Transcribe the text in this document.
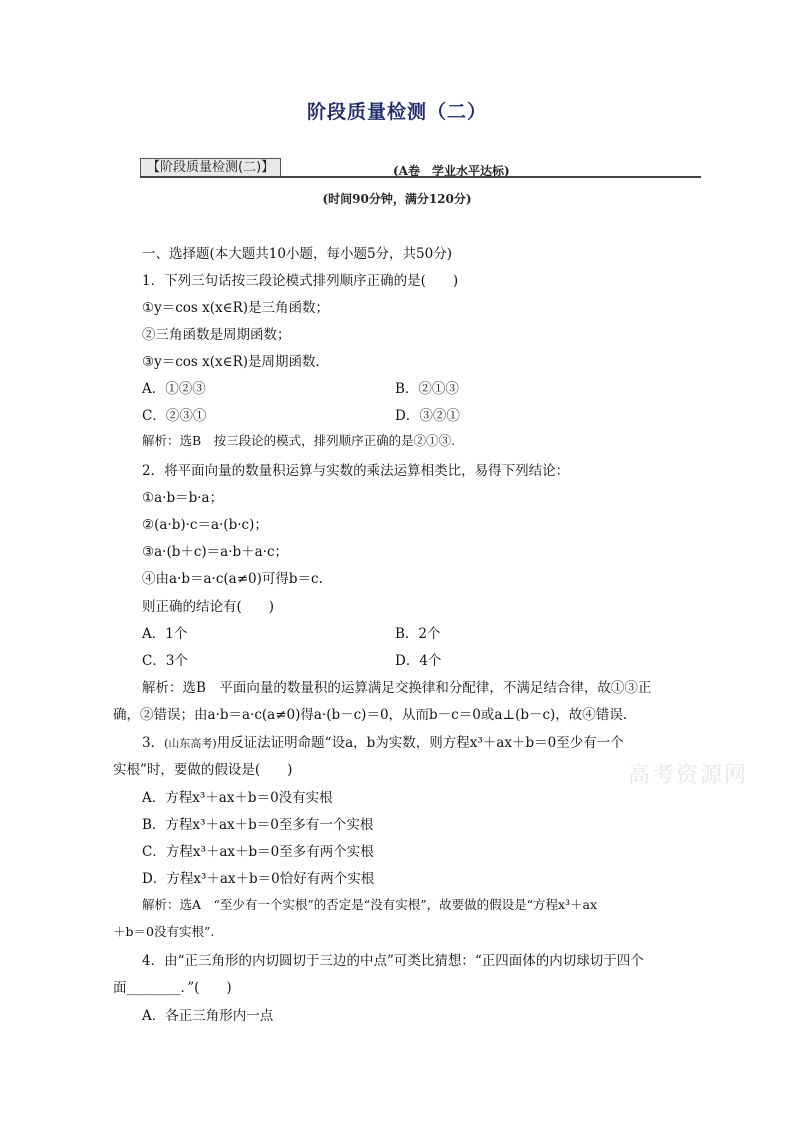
阶段质量检测（二）
【阶段质量检测(二)】	(A卷　学业水平达标)
(时间90分钟，满分120分)
一、选择题(本大题共10小题，每小题5分，共50分)
1．下列三句话按三段论模式排列顺序正确的是(　　)
①y＝cos x(x∈R)是三角函数；
②三角函数是周期函数；
③y＝cos x(x∈R)是周期函数．
A．①②③	B．②①③
C．②③①	D．③②①
解析：选B　按三段论的模式，排列顺序正确的是②①③.
2．将平面向量的数量积运算与实数的乘法运算相类比，易得下列结论：
①a·b＝b·a；
②(a·b)·c＝a·(b·c)；
③a·(b＋c)＝a·b＋a·c；
④由a·b＝a·c(a≠0)可得b＝c.
则正确的结论有(　　)
A．1个	B．2个
C．3个	D．4个
解析：选B　平面向量的数量积的运算满足交换律和分配律，不满足结合律，故①③正
确，②错误；由a·b＝a·c(a≠0)得a·(b－c)＝0，从而b－c＝0或a⊥(b－c)，故④错误.
3．(山东高考)用反证法证明命题“设a，b为实数，则方程x³＋ax＋b＝0至少有一个
实根”时，要做的假设是(　　)	高考资源网
A．方程x³＋ax＋b＝0没有实根
B．方程x³＋ax＋b＝0至多有一个实根
C．方程x³＋ax＋b＝0至多有两个实根
D．方程x³＋ax＋b＝0恰好有两个实根
解析：选A　“至少有一个实根”的否定是“没有实根”，故要做的假设是“方程x³＋ax
＋b＝0没有实根”.
4．由“正三角形的内切圆切于三边的中点”可类比猜想：“正四面体的内切球切于四个
面________．”(　　)
A．各正三角形内一点
